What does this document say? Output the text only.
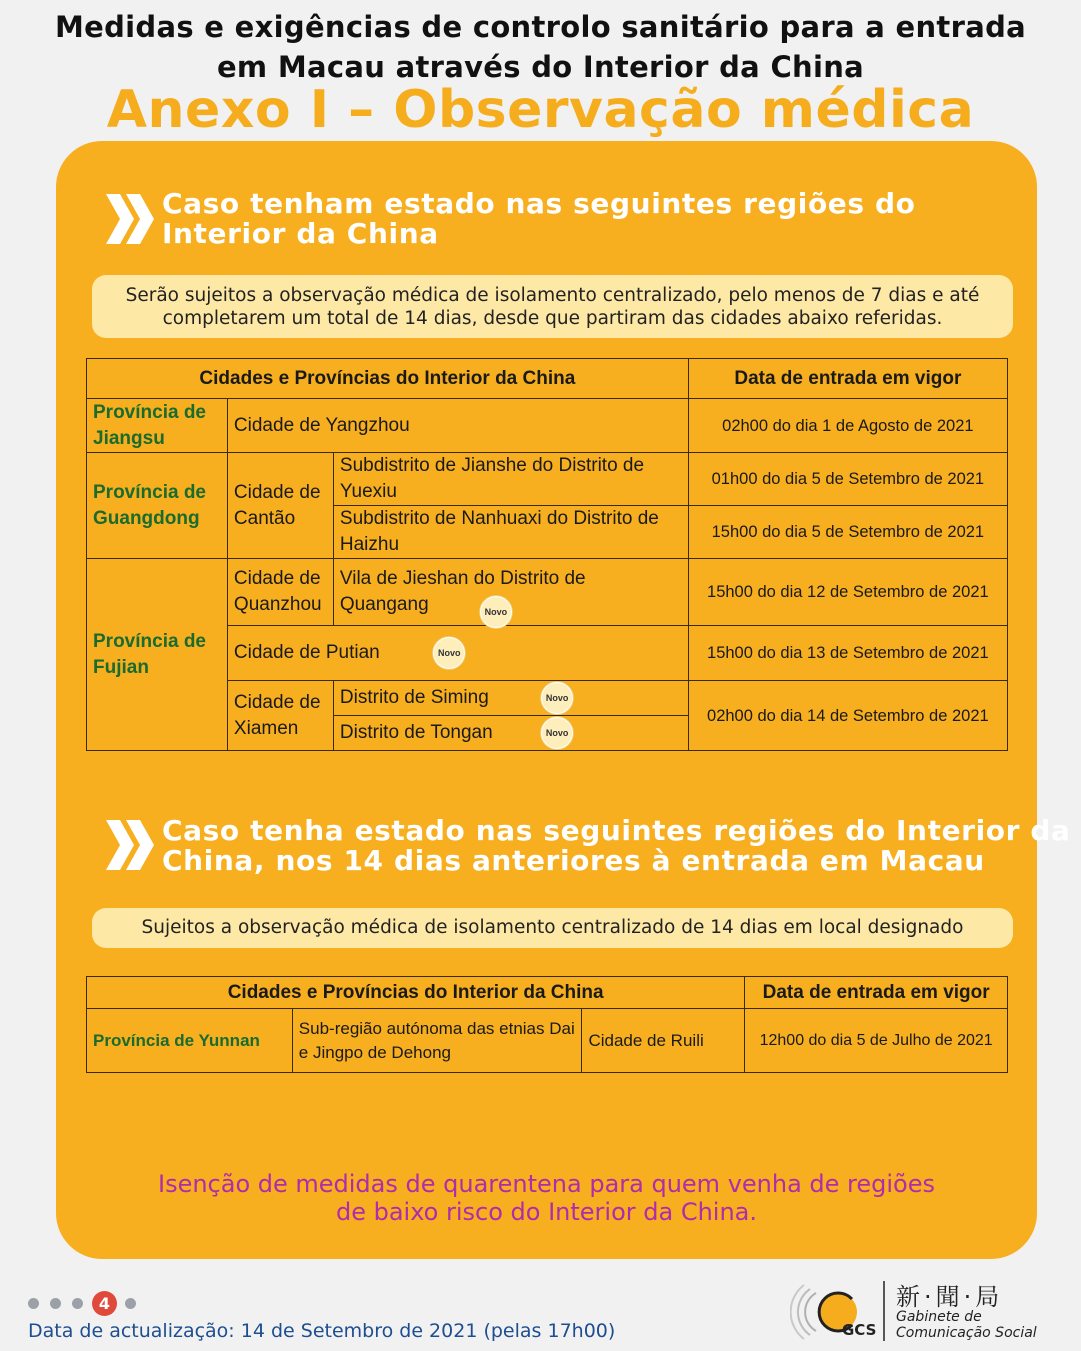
Medidas e exigências de controlo sanitário para a entrada
em Macau através do Interior da China
Anexo I – Observação médica
Caso tenham estado nas seguintes regiões do
Interior da China
Serão sujeitos a observação médica de isolamento centralizado, pelo menos de 7 dias e até
completarem um total de 14 dias, desde que partiram das cidades abaixo referidas.
Cidades e Províncias do Interior da China			Data de entrada em vigor
Província de Jiangsu	Cidade de Yangzhou		02h00 do dia 1 de Agosto de 2021
Província de Guangdong	Cidade de Cantão	Subdistrito de Jianshe do Distrito de Yuexiu	01h00 do dia 5 de Setembro de 2021
		Subdistrito de Nanhuaxi do Distrito de Haizhu	15h00 do dia 5 de Setembro de 2021
Província de Fujian	Cidade de Quanzhou	Vila de Jieshan do Distrito de Quangang Novo	15h00 do dia 12 de Setembro de 2021
	Cidade de Putian Novo		15h00 do dia 13 de Setembro de 2021
	Cidade de Xiamen	Distrito de Siming Novo	02h00 do dia 14 de Setembro de 2021
		Distrito de Tongan Novo	
Caso tenha estado nas seguintes regiões do Interior da
China, nos 14 dias anteriores à entrada em Macau
Sujeitos a observação médica de isolamento centralizado de 14 dias em local designado
Cidades e Províncias do Interior da China			Data de entrada em vigor
Província de Yunnan	Sub-região autónoma das etnias Dai e Jingpo de Dehong	Cidade de Ruili	12h00 do dia 5 de Julho de 2021
Isenção de medidas de quarentena para quem venha de regiões
de baixo risco do Interior da China.
4
Data de actualização: 14 de Setembro de 2021 (pelas 17h00)	GCS
新·聞·局
Gabinete de
Comunicação Social
